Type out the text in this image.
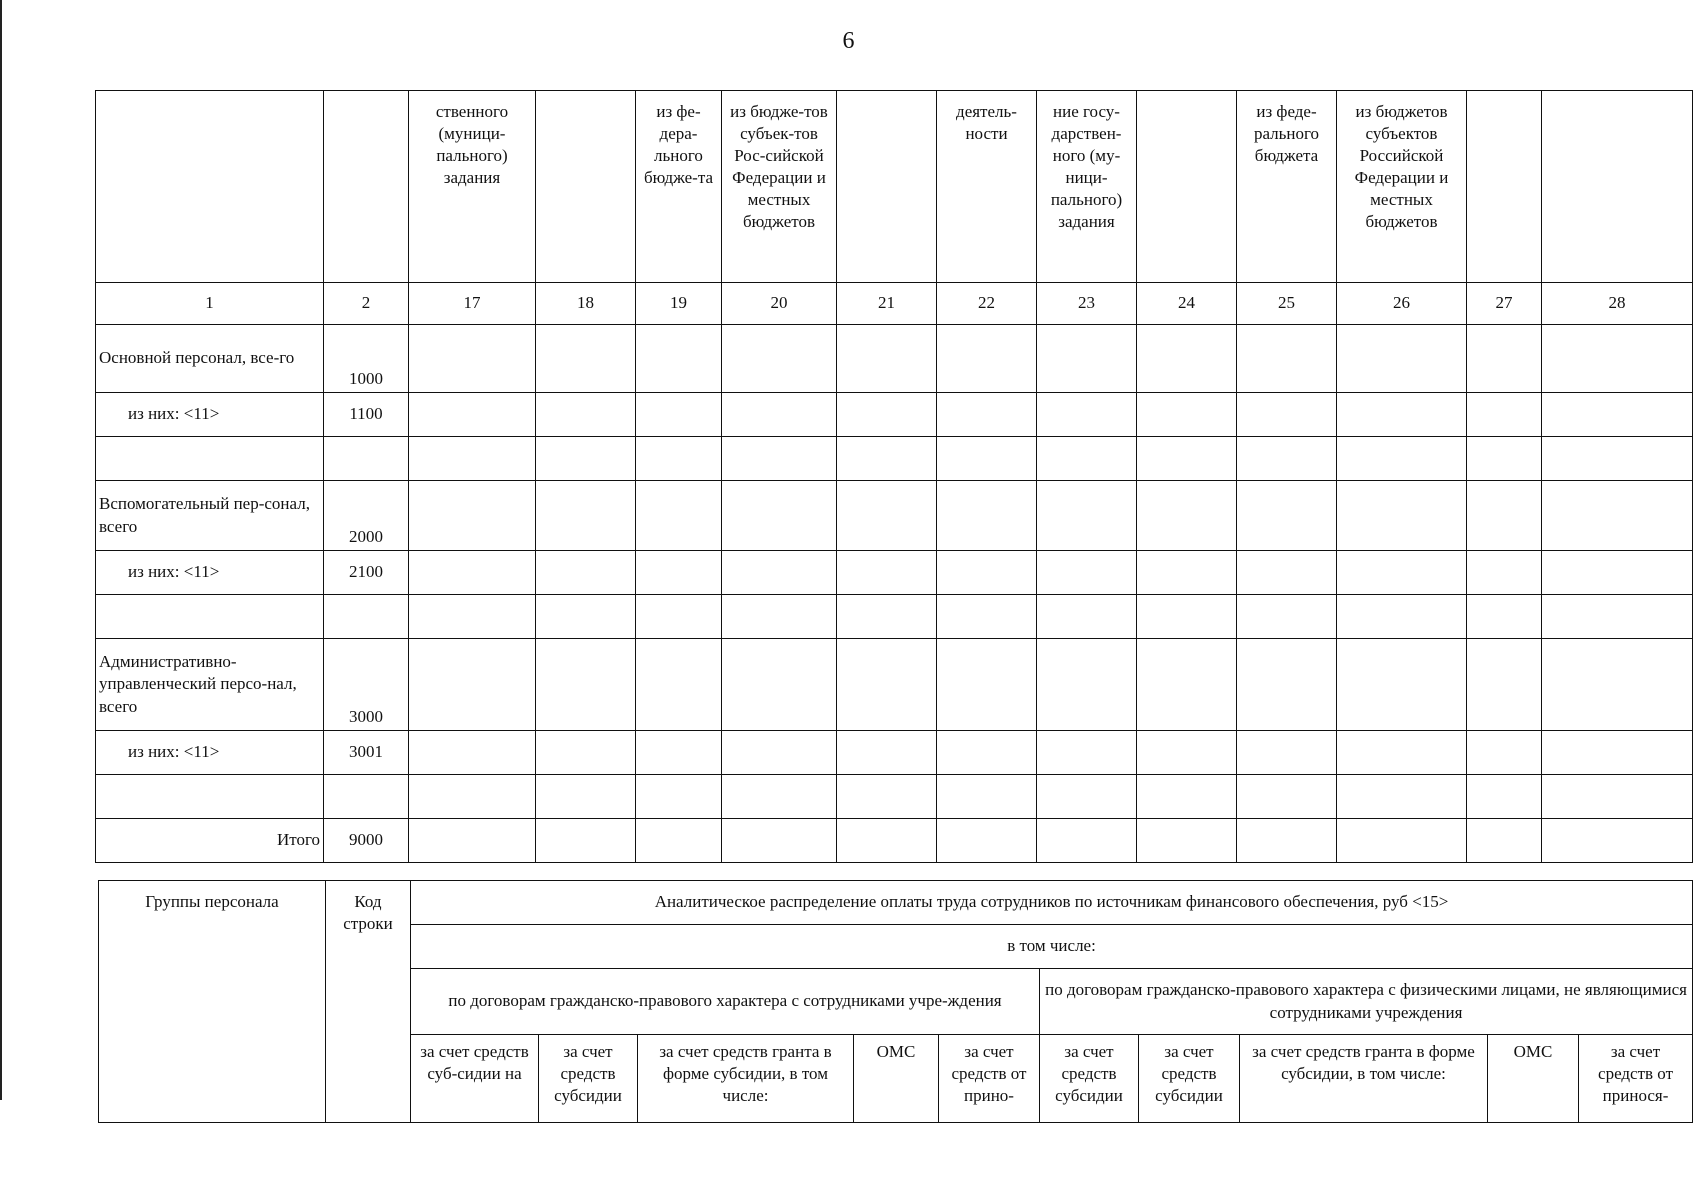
6
		ственного (муници-пального) задания		из фе-дера-льного бюдже-та	из бюдже-тов субъек-тов Рос-сийской Федерации и местных бюджетов		деятель-ности	ние госу-дарствен-ного (му-ници-пального) задания		из феде-рального бюджета	из бюджетов субъектов Российской Федерации и местных бюджетов		
1	2	17	18	19	20	21	22	23	24	25	26	27	28
Основной персонал, все-го	1000												
из них: <11>	1100												

Вспомогательный пер-сонал, всего	2000												
из них: <11>	2100												

Административно-управленческий персо-нал, всего	3000												
из них: <11>	3001												

Итого	9000												
Группы персонала	Код строки	Аналитическое распределение оплаты труда сотрудников по источникам финансового обеспечения, руб <15>									
		в том числе:									
		по договорам гражданско-правового характера с сотрудниками учре-ждения					по договорам гражданско-правового характера с физическими лицами, не являющимися сотрудниками учреждения				
		за счет средств суб-сидии на	за счет средств субсидии	за счет средств гранта в форме субсидии, в том числе:	ОМС	за счет средств от прино-	за счет средств субсидии	за счет средств субсидии	за счет средств гранта в форме субсидии, в том числе:	ОМС	за счет средств от принося-
